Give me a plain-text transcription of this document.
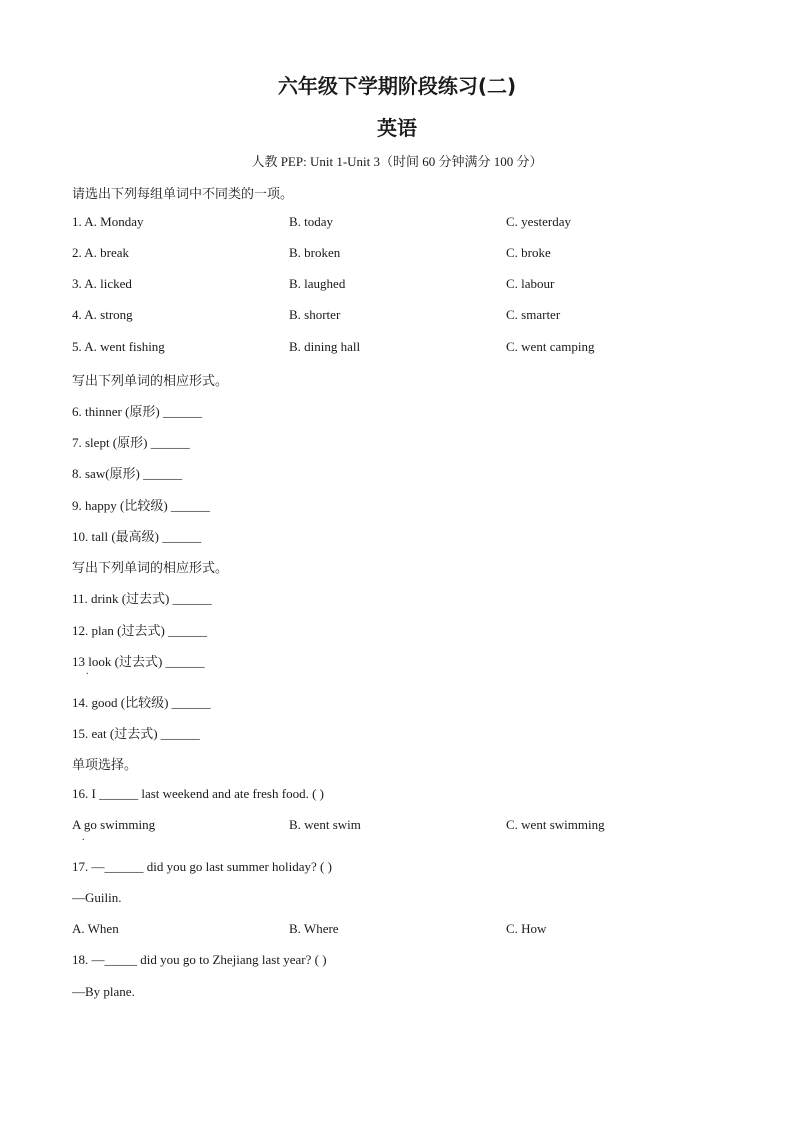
六年级下学期阶段练习(二)
英语
人教 PEP: Unit 1-Unit 3（时间 60 分钟满分 100 分）
请选出下列每组单词中不同类的一项。
1. A. Monday	B. today	C. yesterday
2. A. break	B. broken	C. broke
3. A. licked	B. laughed	C. labour
4. A. strong	B. shorter	C. smarter
5. A. went fishing	B. dining hall	C. went camping
写出下列单词的相应形式。
6. thinner (原形) ______
7. slept (原形) ______
8. saw(原形) ______
9. happy (比较级) ______
10. tall (最高级) ______
写出下列单词的相应形式。
11. drink (过去式) ______
12. plan (过去式) ______
13 look (过去式) ______
.
14. good (比较级) ______
15. eat (过去式) ______
单项选择。
16. I ______ last weekend and ate fresh food. ( )
A go swimming	B. went swim	C. went swimming
.
17. —______ did you go last summer holiday? ( )
—Guilin.
A. When	B. Where	C. How
18. —_____ did you go to Zhejiang last year? ( )
—By plane.
